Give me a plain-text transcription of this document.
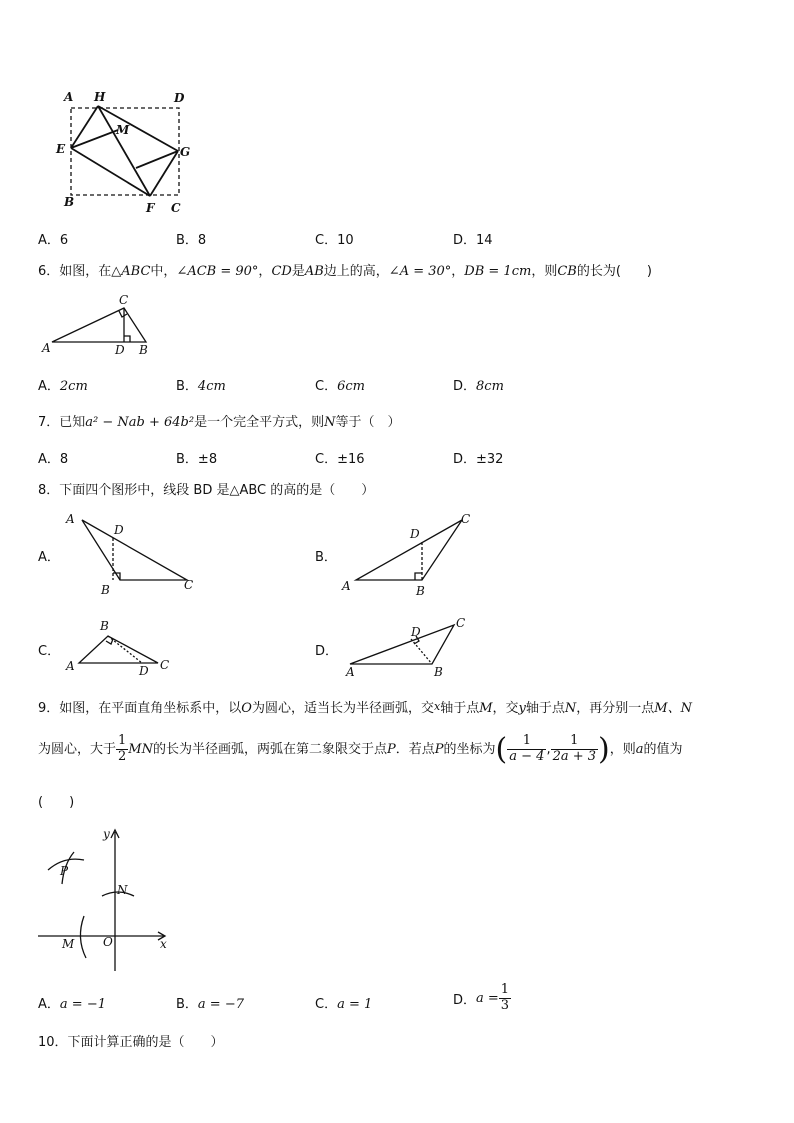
A H	D
M
E	G
B	F C
A．6	B．8	C．10	D．14
6．如图，在△ABC中，∠ACB = 90°，CD是AB边上的高，∠A = 30°，DB = 1cm，则CB的长为(　　)
A
C
D B
A．2cm	B．4cm	C．6cm	D．8cm
7．已知a² − Nab + 64b²是一个完全平方式，则N等于（　）
A．8	B．±8	C．±16	D．±32
8．下面四个图形中，线段 BD 是△ABC 的高的是（　　）
A．
A
D
B	C
B．
A
D
B
C
C．
A
B
D C
D．
A
D
B
C
9．如图，在平面直角坐标系中，以O为圆心，适当长为半径画弧，交x轴于点M，交y轴于点N，再分别一点M、N
为圆心，大于 $\frac{1}{2}$ MN的长为半径画弧，两弧在第二象限交于点P．若点P的坐标为( $\frac{1}{a - 4}$ , $\frac{1}{2a + 3}$ )，则a的值为
(　　)
y
P
N
M O	x
A．a = −1	B．a = −7	C．a = 1	D．$a = \frac{1}{3}$
10．下面计算正确的是（　　）
